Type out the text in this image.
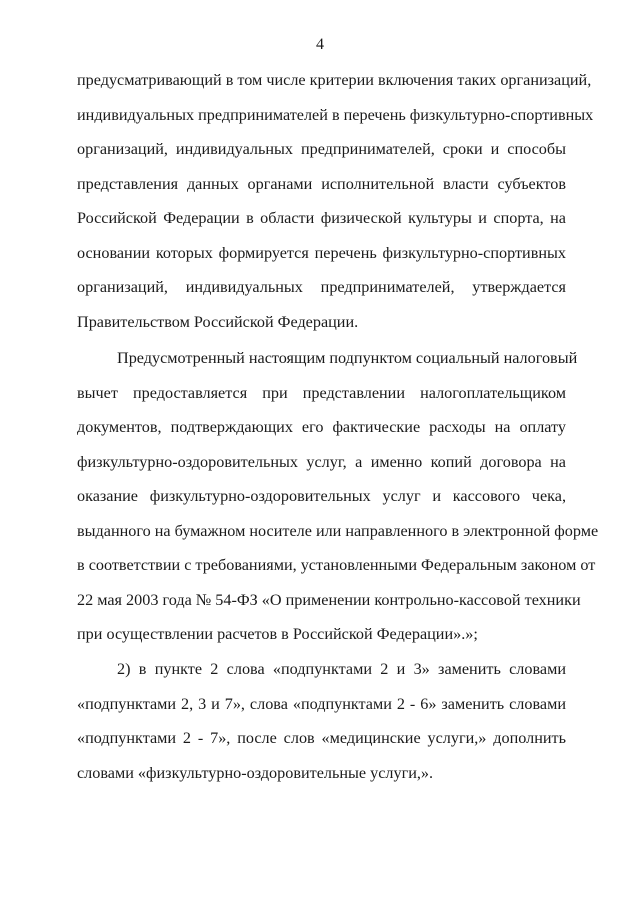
4
предусматривающий в том числе критерии включения таких организаций,
индивидуальных предпринимателей в перечень физкультурно-спортивных
организаций, индивидуальных предпринимателей, сроки и способы
представления данных органами исполнительной власти субъектов
Российской Федерации в области физической культуры и спорта, на
основании которых формируется перечень физкультурно-спортивных
организаций, индивидуальных предпринимателей, утверждается
Правительством Российской Федерации.
Предусмотренный настоящим подпунктом социальный налоговый
вычет предоставляется при представлении налогоплательщиком
документов, подтверждающих его фактические расходы на оплату
физкультурно-оздоровительных услуг, а именно копий договора на
оказание физкультурно-оздоровительных услуг и кассового чека,
выданного на бумажном носителе или направленного в электронной форме
в соответствии с требованиями, установленными Федеральным законом от
22 мая 2003 года № 54-ФЗ «О применении контрольно-кассовой техники
при осуществлении расчетов в Российской Федерации».»;
2) в пункте 2 слова «подпунктами 2 и 3» заменить словами
«подпунктами 2, 3 и 7», слова «подпунктами 2 - 6» заменить словами
«подпунктами 2 - 7», после слов «медицинские услуги,» дополнить
словами «физкультурно-оздоровительные услуги,».
